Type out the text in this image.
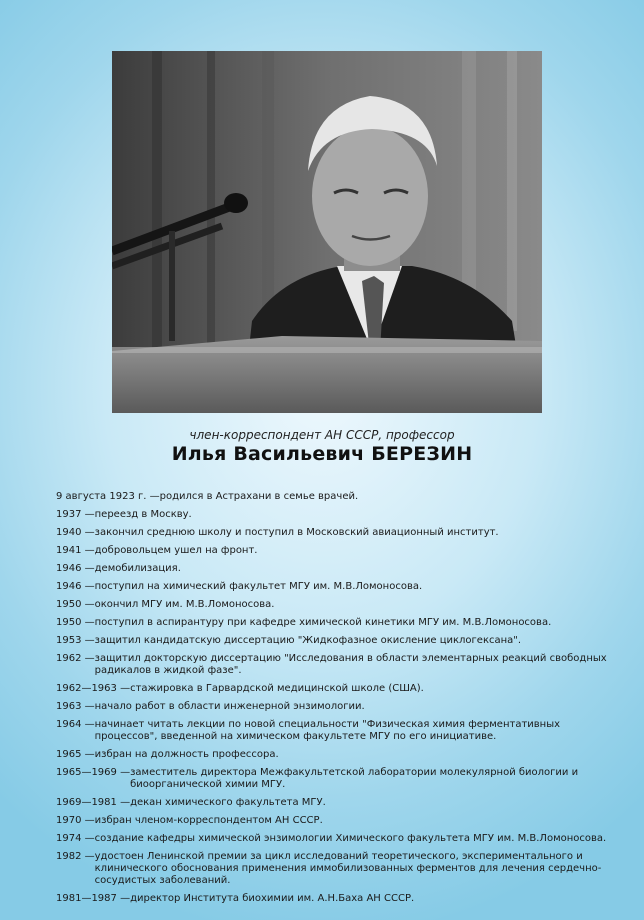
член-корреспондент АН СССР, профессор
Илья Васильевич БЕРЕЗИН
9 августа 1923 г. — родился в Астрахани в семье врачей.
1937 — переезд в Москву.
1940 — закончил среднюю школу и поступил в Московский авиационный институт.
1941 — добровольцем ушел на фронт.
1946 — демобилизация.
1946 — поступил на химический факультет МГУ им. М.В.Ломоносова.
1950 — окончил МГУ им. М.В.Ломоносова.
1950 — поступил в аспирантуру при кафедре химической кинетики МГУ им. М.В.Ломоносова.
1953 — защитил кандидатскую диссертацию "Жидкофазное окисление циклогексана".
1962 — защитил докторскую диссертацию "Исследования в области элементарных реакций свободных радикалов в жидкой фазе".
1962—1963 — стажировка в Гарвардской медицинской школе (США).
1963 — начало работ в области инженерной энзимологии.
1964 — начинает читать лекции по новой специальности "Физическая химия ферментативных процессов", введенной на химическом факультете МГУ по его инициативе.
1965 — избран на должность профессора.
1965—1969 — заместитель директора Межфакультетской лаборатории молекулярной биологии и биоорганической химии МГУ.
1969—1981 — декан химического факультета МГУ.
1970 — избран членом-корреспондентом АН СССР.
1974 — создание кафедры химической энзимологии Химического факультета МГУ им. М.В.Ломоносова.
1982 — удостоен Ленинской премии за цикл исследований теоретического, экспериментального и клинического обоснования применения иммобилизованных ферментов для лечения сердечно-сосудистых заболеваний.
1981—1987 — директор Института биохимии им. А.Н.Баха АН СССР.
